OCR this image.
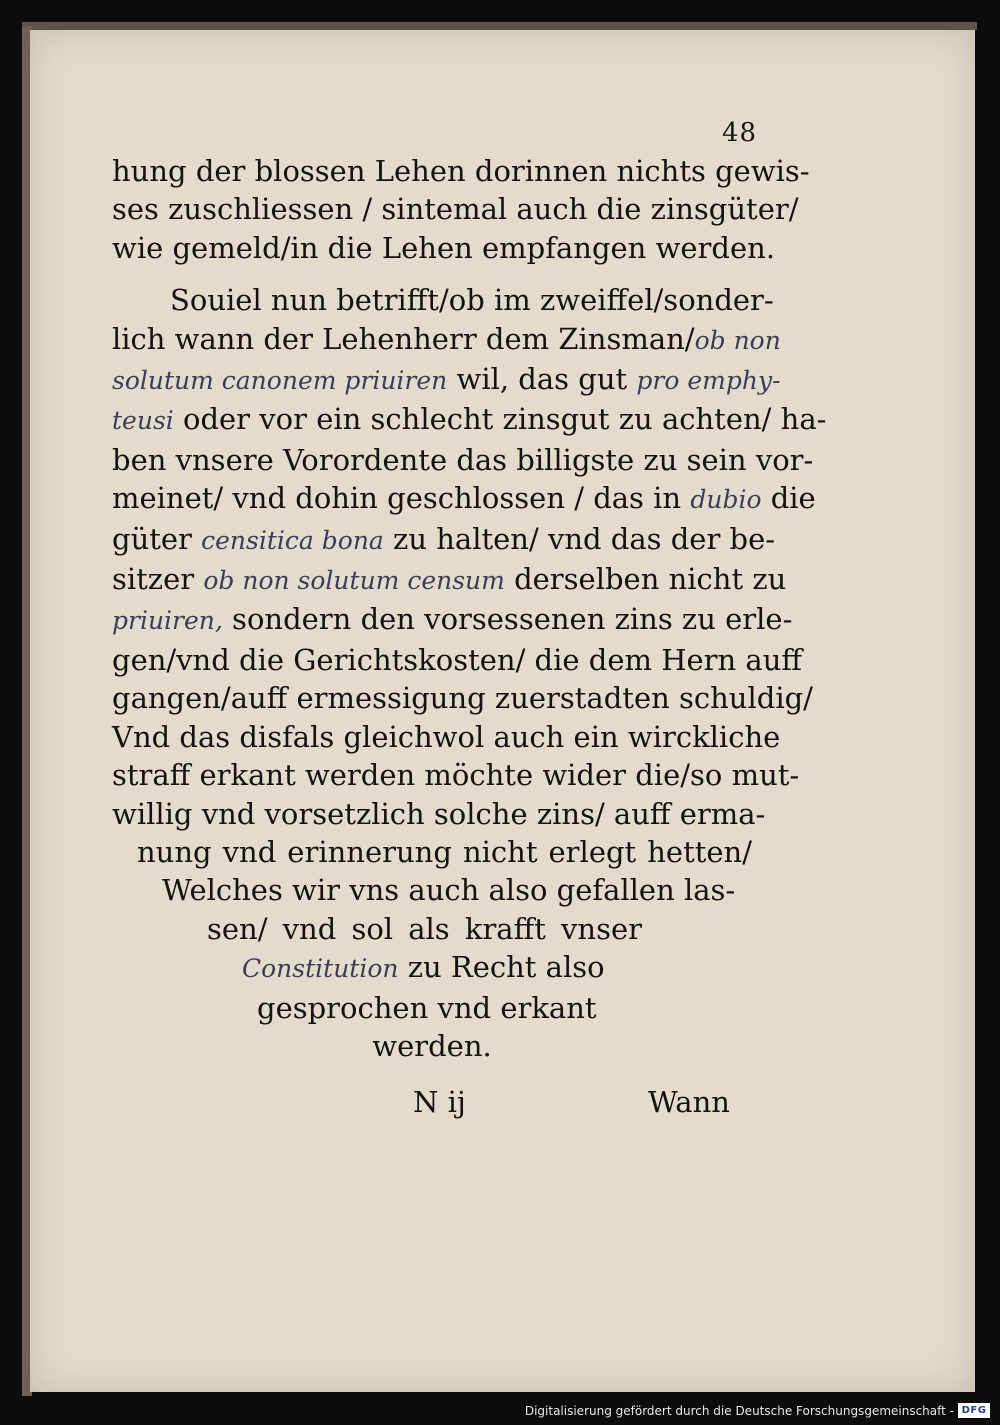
48
hung der blossen Lehen dorinnen nichts gewis-
ses zuschliessen / sintemal auch die zinsgüter/
wie gemeld/in die Lehen empfangen werden.
Souiel nun betrifft/ob im zweiffel/sonder-
lich wann der Lehenherr dem Zinsman/ob non
solutum canonem priuiren wil, das gut pro emphy-
teusi oder vor ein schlecht zinsgut zu achten/ ha-
ben vnsere Vorordente das billigste zu sein vor-
meinet/ vnd dohin geschlossen / das in dubio die
güter censitica bona zu halten/ vnd das der be-
sitzer ob non solutum censum derselben nicht zu
priuiren, sondern den vorsessenen zins zu erle-
gen/vnd die Gerichtskosten/ die dem Hern auff
gangen/auff ermessigung zuerstadten schuldig/
Vnd das disfals gleichwol auch ein wirckliche
straff erkant werden möchte wider die/so mut-
willig vnd vorsetzlich solche zins/ auff erma-
nung vnd erinnerung nicht erlegt hetten/
Welches wir vns auch also gefallen las-
sen/ vnd sol als krafft vnser
Constitution zu Recht also
gesprochen vnd erkant
werden.
N ij	Wann
Digitalisierung gefördert durch die Deutsche Forschungsgemeinschaft - DFG
